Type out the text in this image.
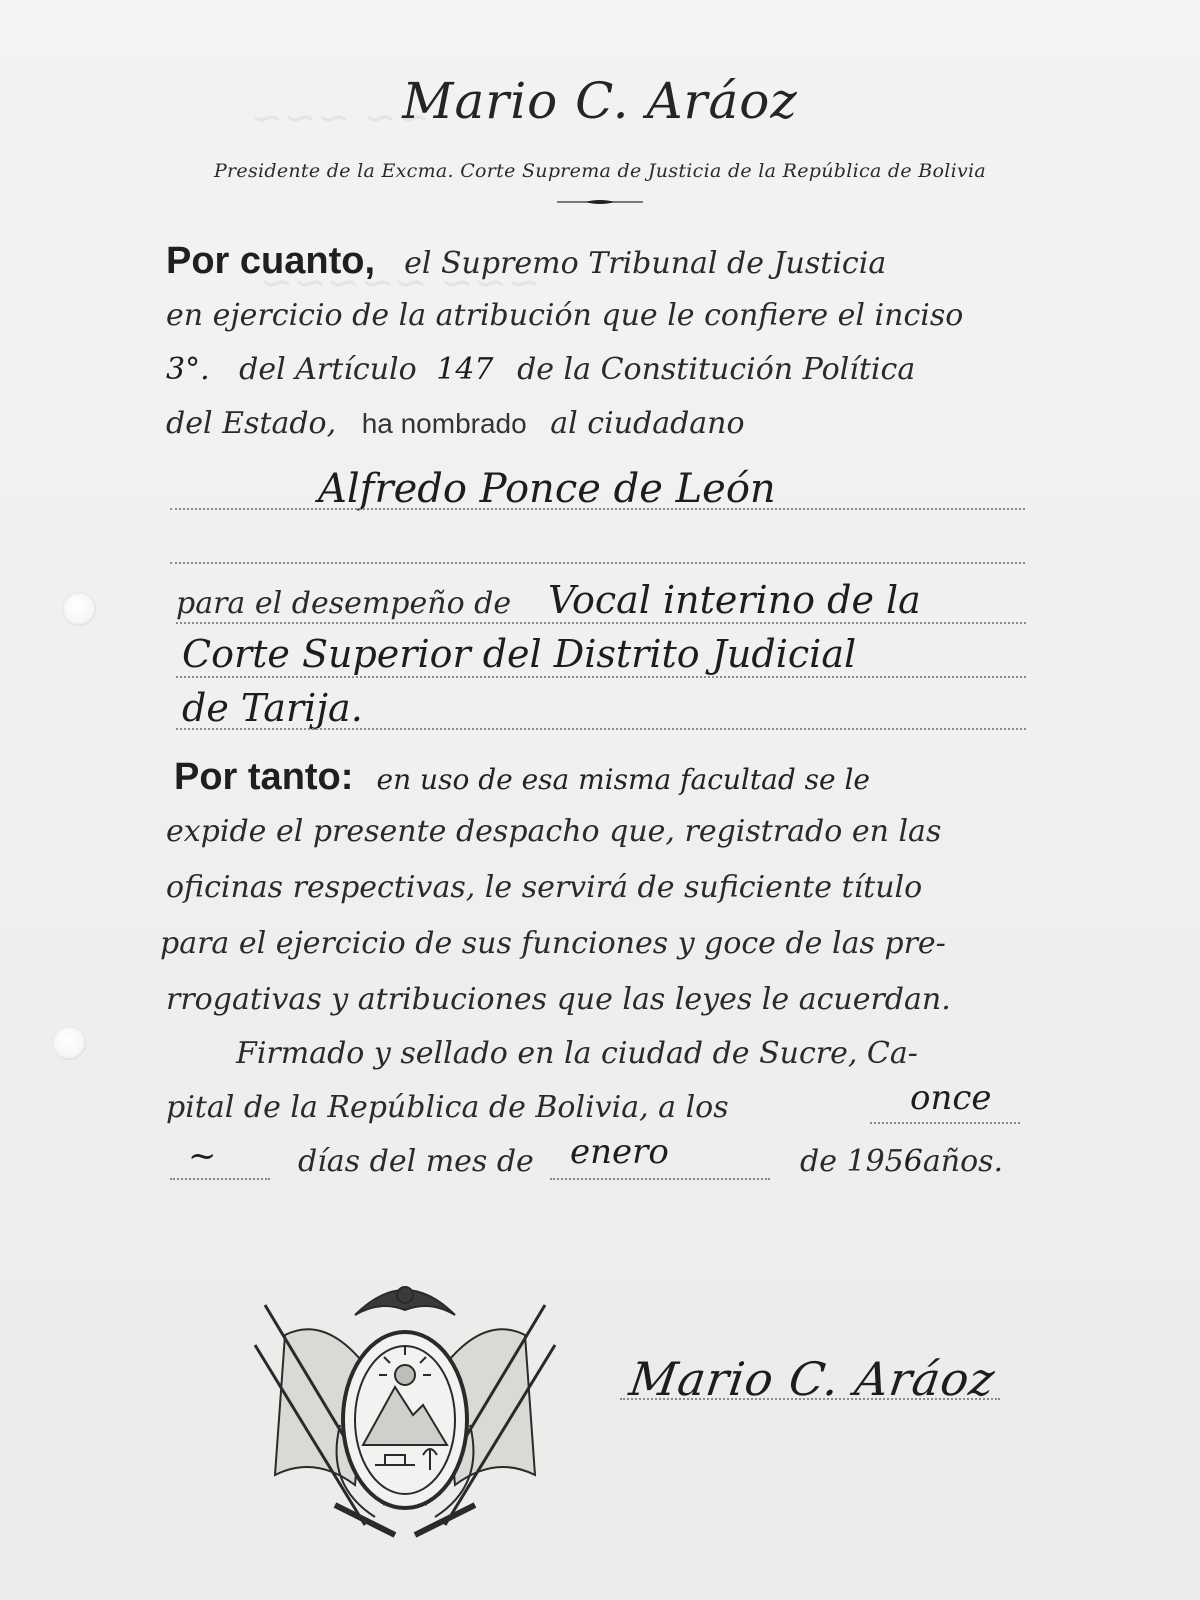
∽∽∽ ∽∽
∽∽∽∽∽ ∽∽∽
Mario C. Aráoz
Presidente de la Excma. Corte Suprema de Justicia de la República de Bolivia
Por cuanto, el Supremo Tribunal de Justicia
en ejercicio de la atribución que le confiere el inciso
3°. del Artículo 147 de la Constitución Política
del Estado, ha nombrado al ciudadano
Alfredo Ponce de León
para el desempeño de Vocal interino de la
Corte Superior del Distrito Judicial
de Tarija.
Por tanto: en uso de esa misma facultad se le
expide el presente despacho que, registrado en las
oficinas respectivas, le servirá de suficiente título
para el ejercicio de sus funciones y goce de las pre-
rrogativas y atribuciones que las leyes le acuerdan.
Firmado y sellado en la ciudad de Sucre, Ca-
pital de la República de Bolivia, a los	once
~	días del mes de enero	de 1956años.
Mario C. Aráoz
